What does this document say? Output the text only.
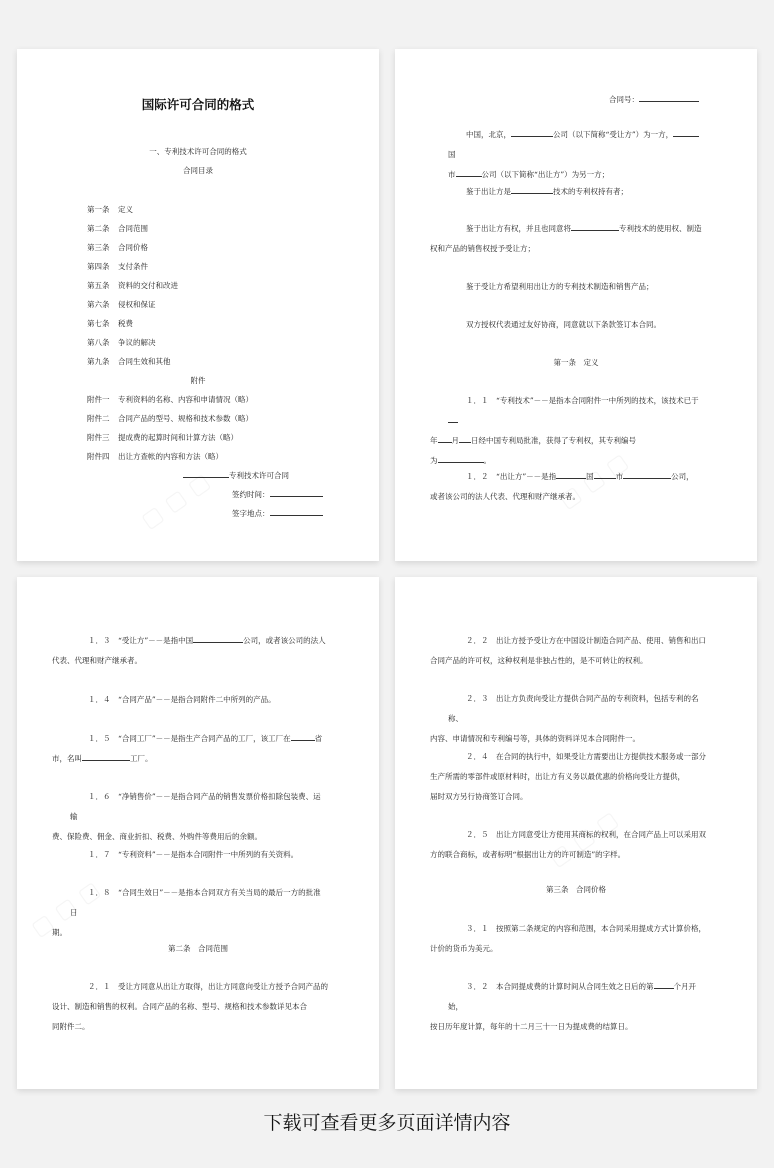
国际许可合同的格式
一、专利技术许可合同的格式
合同目录
第一条 定义
第二条 合同范围
第三条 合同价格
第四条 支付条件
第五条 资料的交付和改进
第六条 侵权和保证
第七条 税费
第八条 争议的解决
第九条 合同生效和其他
附件
附件一 专利资料的名称、内容和申请情况（略）
附件二 合同产品的型号、规格和技术参数（略）
附件三 提成费的起算时间和计算方法（略）
附件四 出让方查帐的内容和方法（略）
专利技术许可合同
签约时间：
签字地点：
合同号：
中国，北京，	公司（以下简称“受让方”）为一方，国
市	公司（以下简称“出让方”）为另一方；
鉴于出让方是	技术的专利权持有者；
鉴于出让方有权，并且也同意将	专利技术的使用权、制造
权和产品的销售权授予受让方；
鉴于受让方希望利用出让方的专利技术制造和销售产品；
双方授权代表通过友好协商，同意就以下条款签订本合同。
第一条　定义
１．１　“专利技术”－－是指本合同附件一中所列的技术，该技术已于
年 月 日经中国专利局批准，获得了专利权，其专利编号
为	。
１．２　“出让方”－－是指	国	市	公司，
或者该公司的法人代表、代理和财产继承者。
１．３　“受让方”－－是指中国	公司，或者该公司的法人
代表、代理和财产继承者。
１．４　“合同产品”－－是指合同附件二中所列的产品。
１．５　“合同工厂”－－是指生产合同产品的工厂，该工厂在	省
市，名叫	工厂。
１．６　“净销售价”－－是指合同产品的销售发票价格扣除包装费、运输
费、保险费、佣金、商业折扣、税费、外购件等费用后的余额。
１．７　“专利资料”－－是指本合同附件一中所列的有关资料。
１．８　“合同生效日”－－是指本合同双方有关当局的最后一方的批准日
期。
第二条　合同范围
２．１　受让方同意从出让方取得，出让方同意向受让方授予合同产品的
设计、制造和销售的权利。合同产品的名称、型号、规格和技术参数详见本合
同附件二。
２．２　出让方授予受让方在中国设计制造合同产品、使用、销售和出口
合同产品的许可权，这种权利是非独占性的，是不可转让的权利。
２．３　出让方负责向受让方提供合同产品的专利资料，包括专利的名称、
内容、申请情况和专利编号等，具体的资料详见本合同附件一。
２．４　在合同的执行中，如果受让方需要出让方提供技术服务或一部分
生产所需的零部件或原材料时，出让方有义务以最优惠的价格向受让方提供，
届时双方另行协商签订合同。
２．５　出让方同意受让方使用其商标的权利，在合同产品上可以采用双
方的联合商标，或者标明“根据出让方的许可制造”的字样。
第三条　合同价格
３．１　按照第二条规定的内容和范围，本合同采用提成方式计算价格，
计价的货币为美元。
３．２　本合同提成费的计算时间从合同生效之日后的第	个月开始，
按日历年度计算，每年的十二月三十一日为提成费的结算日。
下载可查看更多页面详情内容
